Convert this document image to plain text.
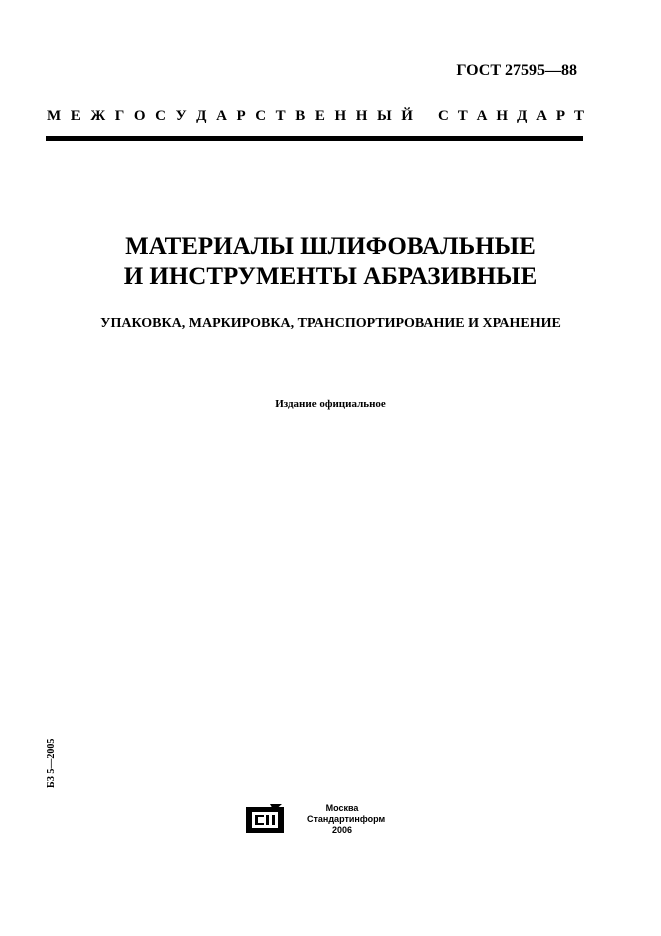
ГОСТ 27595—88
М Е Ж Г О С У Д А Р С Т В Е Н Н Ы Й С Т А Н Д А Р Т
МАТЕРИАЛЫ ШЛИФОВАЛЬНЫЕ
И ИНСТРУМЕНТЫ АБРАЗИВНЫЕ
УПАКОВКА, МАРКИРОВКА, ТРАНСПОРТИРОВАНИЕ И ХРАНЕНИЕ
Издание официальное
БЗ 5—2005
Москва
Стандартинформ
2006
